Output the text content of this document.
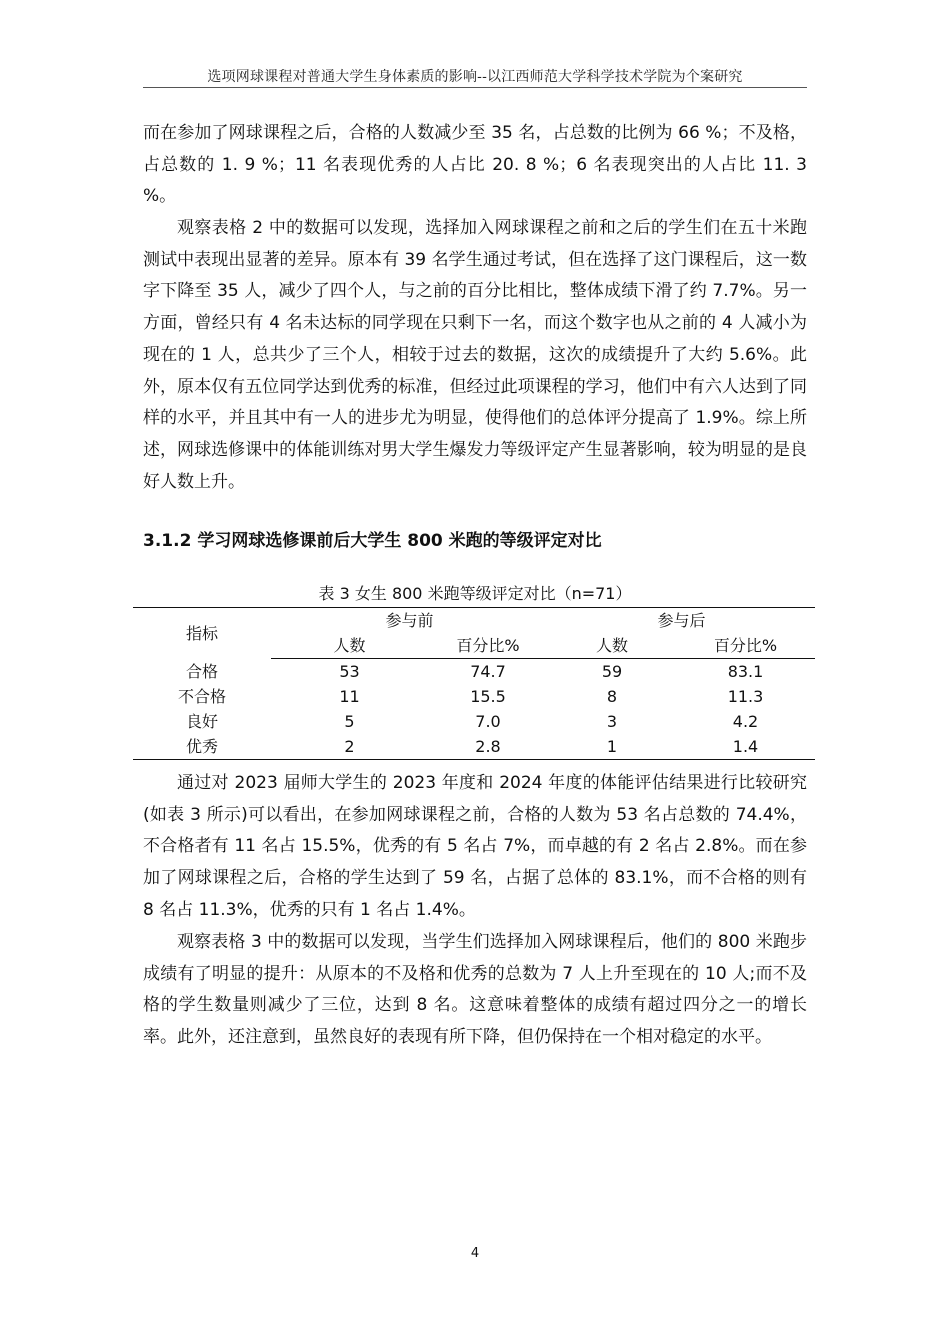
选项网球课程对普通大学生身体素质的影响--以江西师范大学科学技术学院为个案研究

而在参加了网球课程之后，合格的人数减少至 35 名，占总数的比例为 66 %；不及格，占总数的 1. 9 %；11 名表现优秀的人占比 20. 8 %；6 名表现突出的人占比 11. 3 %。

观察表格 2 中的数据可以发现，选择加入网球课程之前和之后的学生们在五十米跑测试中表现出显著的差异。原本有 39 名学生通过考试，但在选择了这门课程后，这一数字下降至 35 人，减少了四个人，与之前的百分比相比，整体成绩下滑了约 7.7%。另一方面，曾经只有 4 名未达标的同学现在只剩下一名，而这个数字也从之前的 4 人减小为现在的 1 人，总共少了三个人，相较于过去的数据，这次的成绩提升了大约 5.6%。此外，原本仅有五位同学达到优秀的标准，但经过此项课程的学习，他们中有六人达到了同样的水平，并且其中有一人的进步尤为明显，使得他们的总体评分提高了 1.9%。综上所述，网球选修课中的体能训练对男大学生爆发力等级评定产生显著影响，较为明显的是良好人数上升。

3.1.2 学习网球选修课前后大学生 800 米跑的等级评定对比
表 3 女生 800 米跑等级评定对比（n=71）
指标	参与前		参与后	
	人数	百分比%	人数	百分比%
合格	53	74.7	59	83.1
不合格	11	15.5	8	11.3
良好	5	7.0	3	4.2
优秀	2	2.8	1	1.4

通过对 2023 届师大学生的 2023 年度和 2024 年度的体能评估结果进行比较研究(如表 3 所示)可以看出，在参加网球课程之前，合格的人数为 53 名占总数的 74.4%，不合格者有 11 名占 15.5%，优秀的有 5 名占 7%，而卓越的有 2 名占 2.8%。而在参加了网球课程之后，合格的学生达到了 59 名，占据了总体的 83.1%，而不合格的则有 8 名占 11.3%，优秀的只有 1 名占 1.4%。

观察表格 3 中的数据可以发现，当学生们选择加入网球课程后，他们的 800 米跑步成绩有了明显的提升：从原本的不及格和优秀的总数为 7 人上升至现在的 10 人;而不及格的学生数量则减少了三位，达到 8 名。这意味着整体的成绩有超过四分之一的增长率。此外，还注意到，虽然良好的表现有所下降，但仍保持在一个相对稳定的水平。

4
